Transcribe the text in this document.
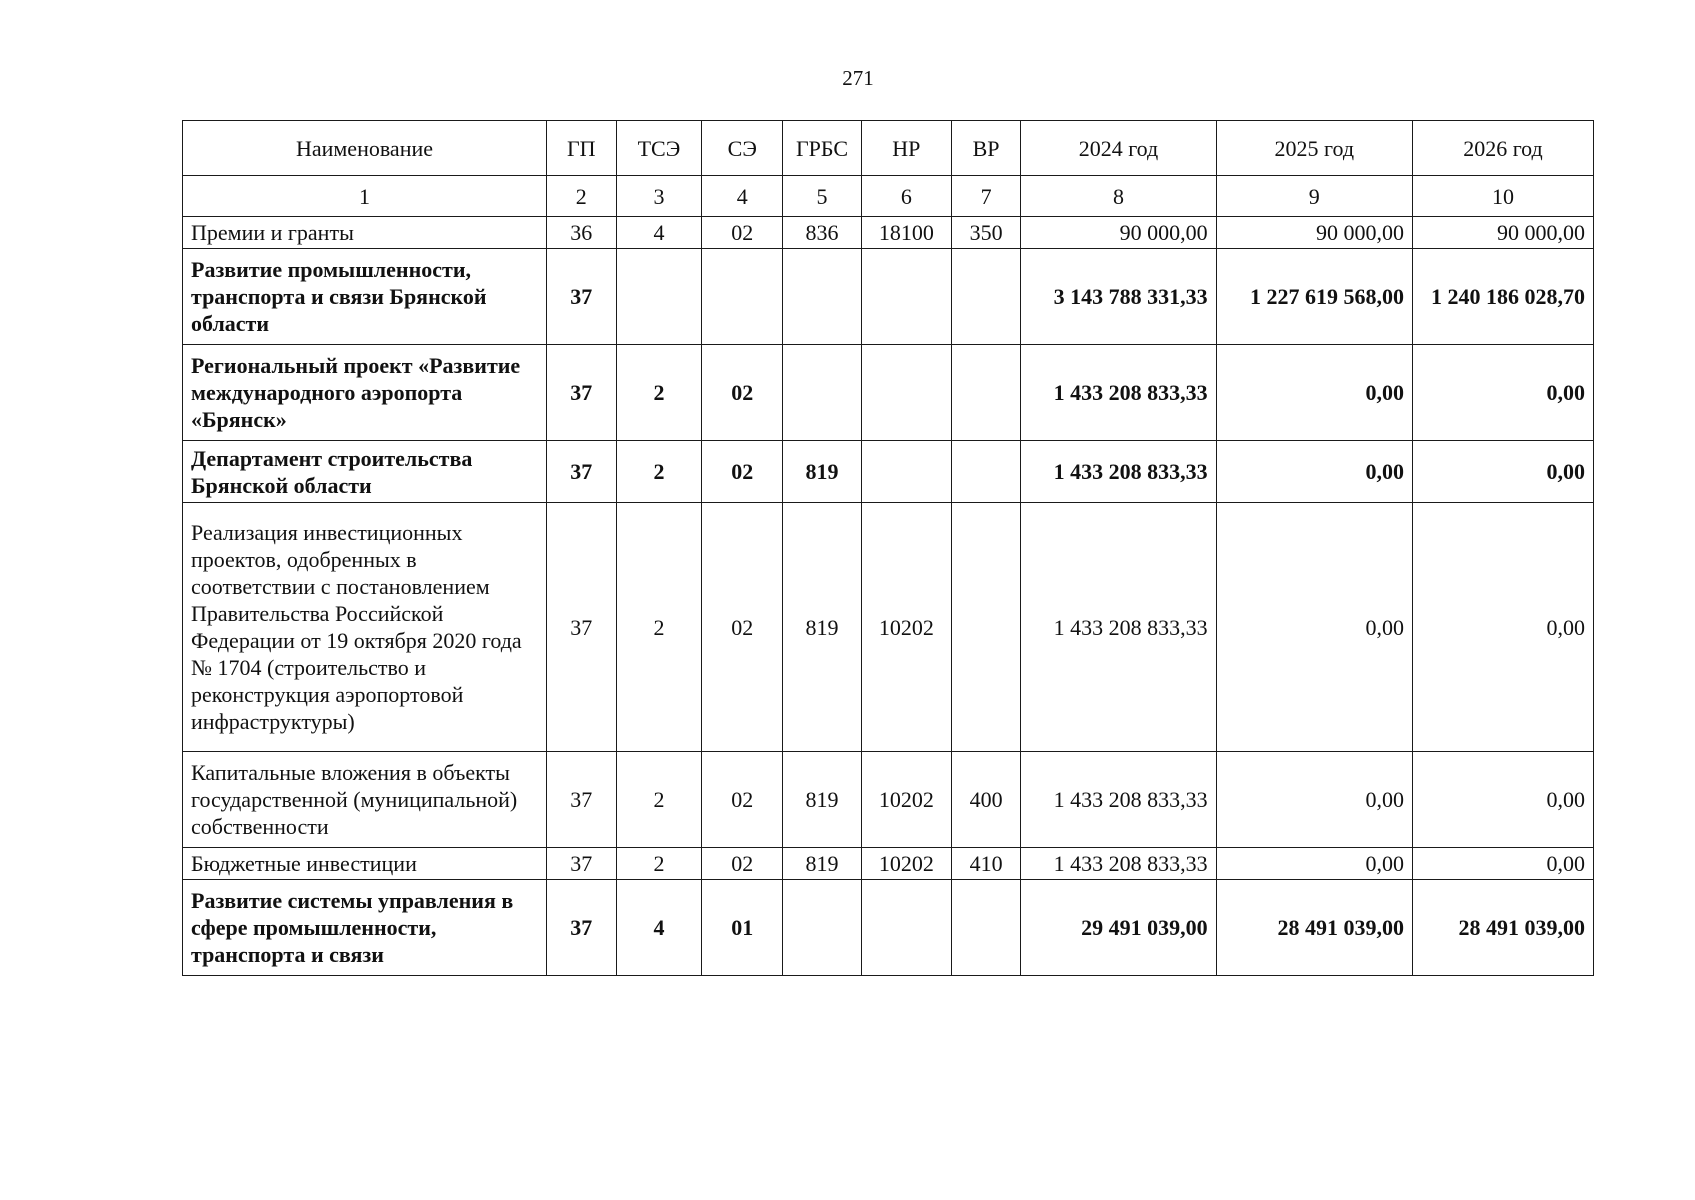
271
Наименование	ГП	ТСЭ	СЭ	ГРБС	НР	ВР	2024 год	2025 год	2026 год
1	2	3	4	5	6	7	8	9	10
Премии и гранты	36	4	02	836	18100	350	90 000,00	90 000,00	90 000,00
Развитие промышленности, транспорта и связи Брянской области	37						3 143 788 331,33	1 227 619 568,00	1 240 186 028,70
Региональный проект «Развитие международного аэропорта «Брянск»	37	2	02				1 433 208 833,33	0,00	0,00
Департамент строительства Брянской области	37	2	02	819			1 433 208 833,33	0,00	0,00
Реализация инвестиционных проектов, одобренных в соответствии с постановлением Правительства Российской Федерации от 19 октября 2020 года № 1704 (строительство и реконструкция аэропортовой инфраструктуры)	37	2	02	819	10202		1 433 208 833,33	0,00	0,00
Капитальные вложения в объекты государственной (муниципальной) собственности	37	2	02	819	10202	400	1 433 208 833,33	0,00	0,00
Бюджетные инвестиции	37	2	02	819	10202	410	1 433 208 833,33	0,00	0,00
Развитие системы управления в сфере промышленности, транспорта и связи	37	4	01				29 491 039,00	28 491 039,00	28 491 039,00
